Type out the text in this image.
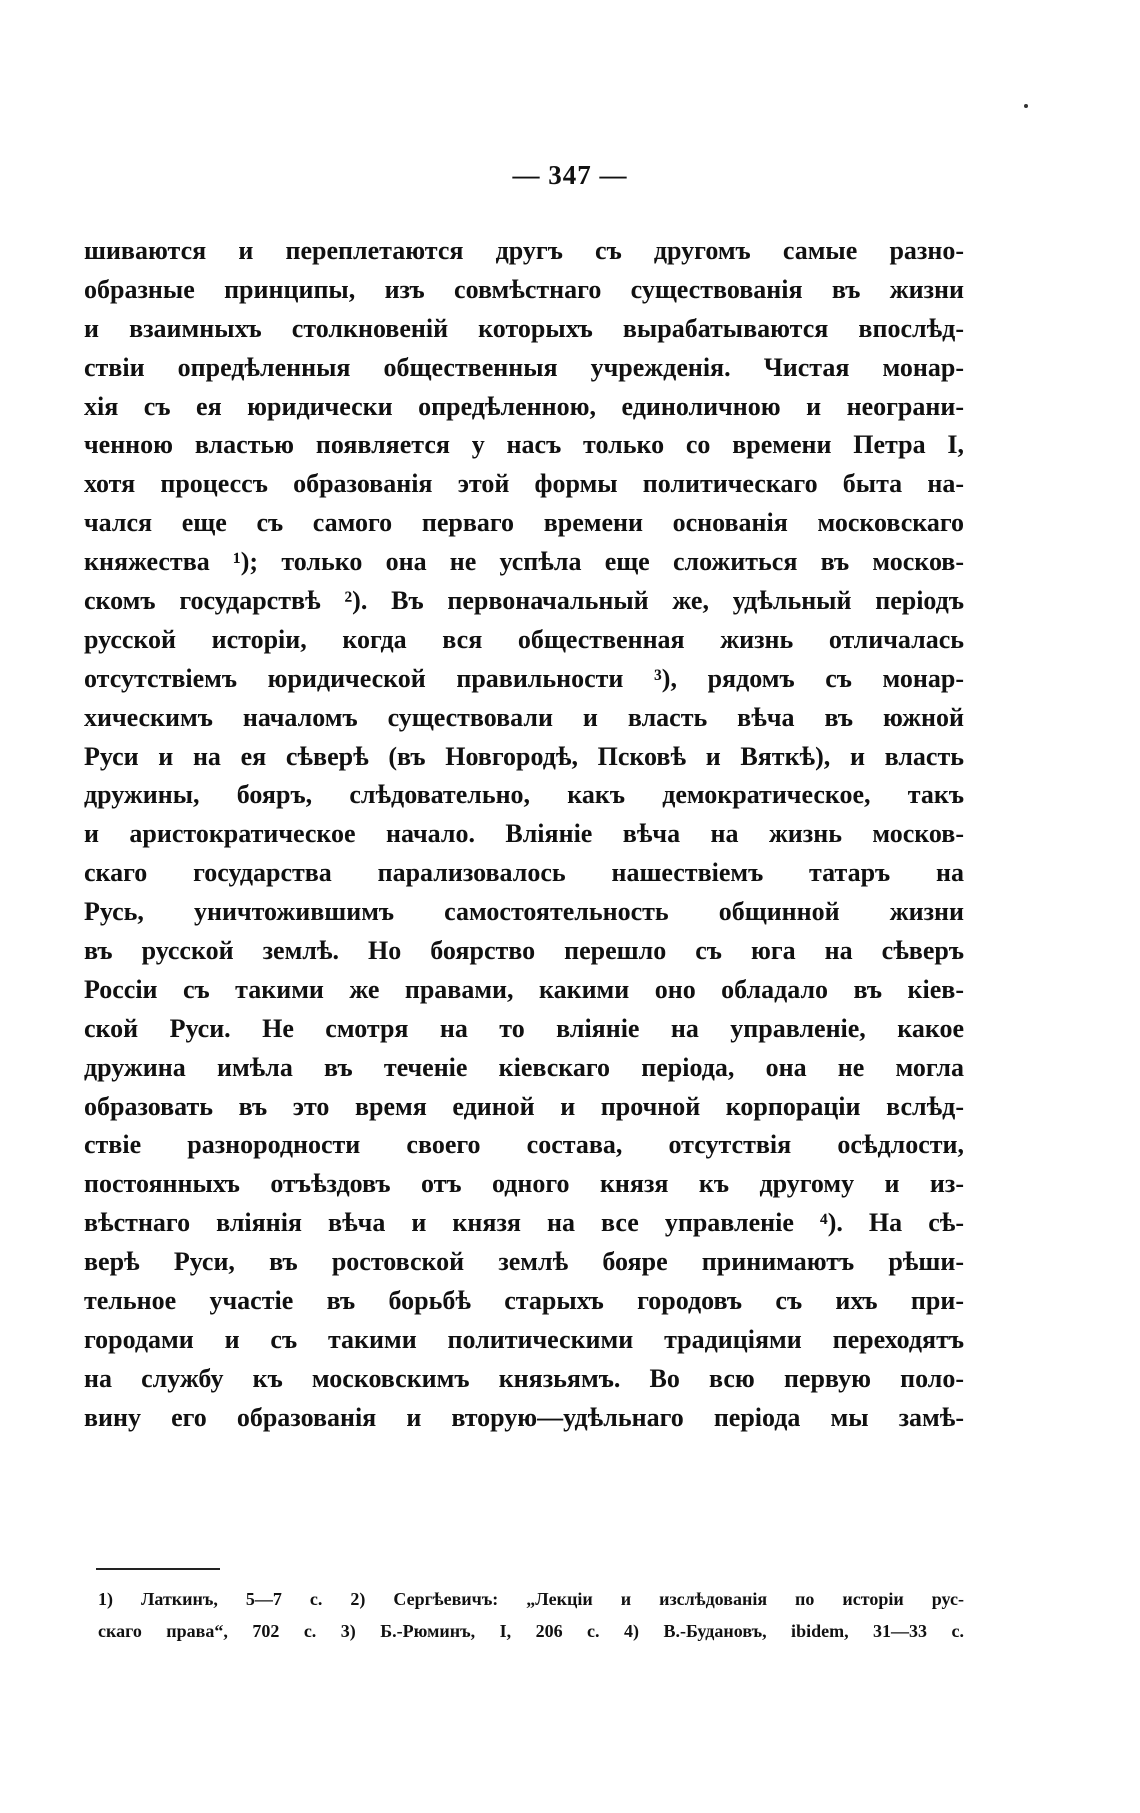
— 347 —
шиваются и переплетаются другъ съ другомъ самые разно-
образные принципы, изъ совмѣстнаго существованія въ жизни
и взаимныхъ столкновеній которыхъ вырабатываются впослѣд-
ствіи опредѣленныя общественныя учрежденія. Чистая монар-
хія съ ея юридически опредѣленною, единоличною и неограни-
ченною властью появляется у насъ только со времени Петра I,
хотя процессъ образованія этой формы политическаго быта на-
чался еще съ самого перваго времени основанія московскаго
княжества ¹); только она не успѣла еще сложиться въ москов-
скомъ государствѣ ²). Въ первоначальный же, удѣльный періодъ
русской исторіи, когда вся общественная жизнь отличалась
отсутствіемъ юридической правильности ³), рядомъ съ монар-
хическимъ началомъ существовали и власть вѣча въ южной
Руси и на ея сѣверѣ (въ Новгородѣ, Псковѣ и Вяткѣ), и власть
дружины, бояръ, слѣдовательно, какъ демократическое, такъ
и аристократическое начало. Вліяніе вѣча на жизнь москов-
скаго государства парализовалось нашествіемъ татаръ на
Русь, уничтожившимъ самостоятельность общинной жизни
въ русской землѣ. Но боярство перешло съ юга на сѣверъ
Россіи съ такими же правами, какими оно обладало въ кіев-
ской Руси. Не смотря на то вліяніе на управленіе, какое
дружина имѣла въ теченіе кіевскаго періода, она не могла
образовать въ это время единой и прочной корпораціи вслѣд-
ствіе разнородности своего состава, отсутствія осѣдлости,
постоянныхъ отъѣздовъ отъ одного князя къ другому и из-
вѣстнаго вліянія вѣча и князя на все управленіе ⁴). На сѣ-
верѣ Руси, въ ростовской землѣ бояре принимаютъ рѣши-
тельное участіе въ борьбѣ старыхъ городовъ съ ихъ при-
городами и съ такими политическими традиціями переходятъ
на службу къ московскимъ князьямъ. Во всю первую поло-
вину его образованія и вторую—удѣльнаго періода мы замѣ-
1) Латкинъ, 5—7 с. 2) Сергѣевичъ: „Лекціи и изслѣдованія по исторіи рус-
скаго права“, 702 с. 3) Б.-Рюминъ, I, 206 с. 4) В.-Будановъ, ibidem, 31—33 с.
